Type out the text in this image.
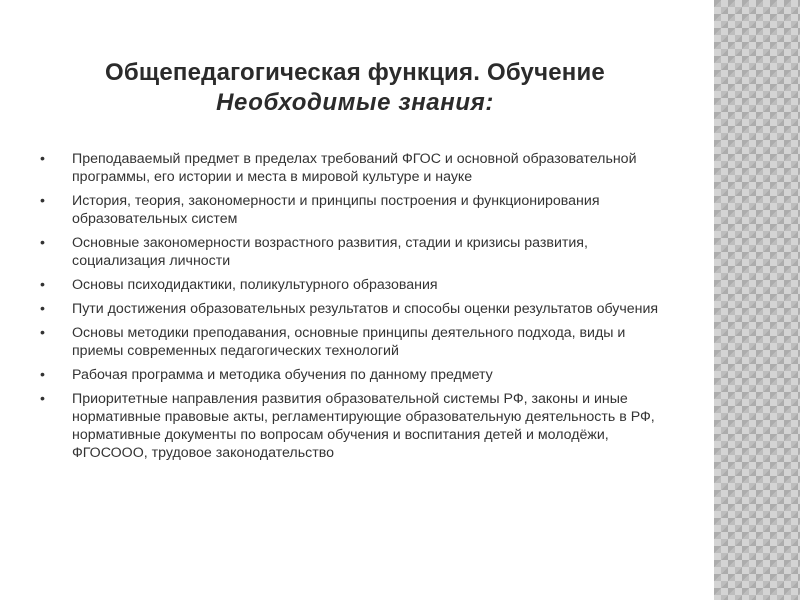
Общепедагогическая функция. Обучение
Необходимые знания:
•	Преподаваемый предмет в пределах требований ФГОС и основной образовательной программы, его истории и места в мировой культуре и науке
•	История, теория, закономерности и принципы построения и функционирования образовательных систем
•	Основные закономерности возрастного развития, стадии и кризисы развития, социализация личности
•	Основы психодидактики, поликультурного образования
•	Пути достижения образовательных результатов и способы оценки результатов обучения
•	Основы методики преподавания, основные принципы деятельного подхода, виды и приемы современных педагогических технологий
•	Рабочая программа и методика обучения по данному предмету
•	Приоритетные направления развития образовательной системы РФ, законы и иные нормативные правовые акты, регламентирующие образовательную деятельность в РФ, нормативные документы по вопросам обучения и воспитания детей и молодёжи, ФГОСООО, трудовое законодательство
